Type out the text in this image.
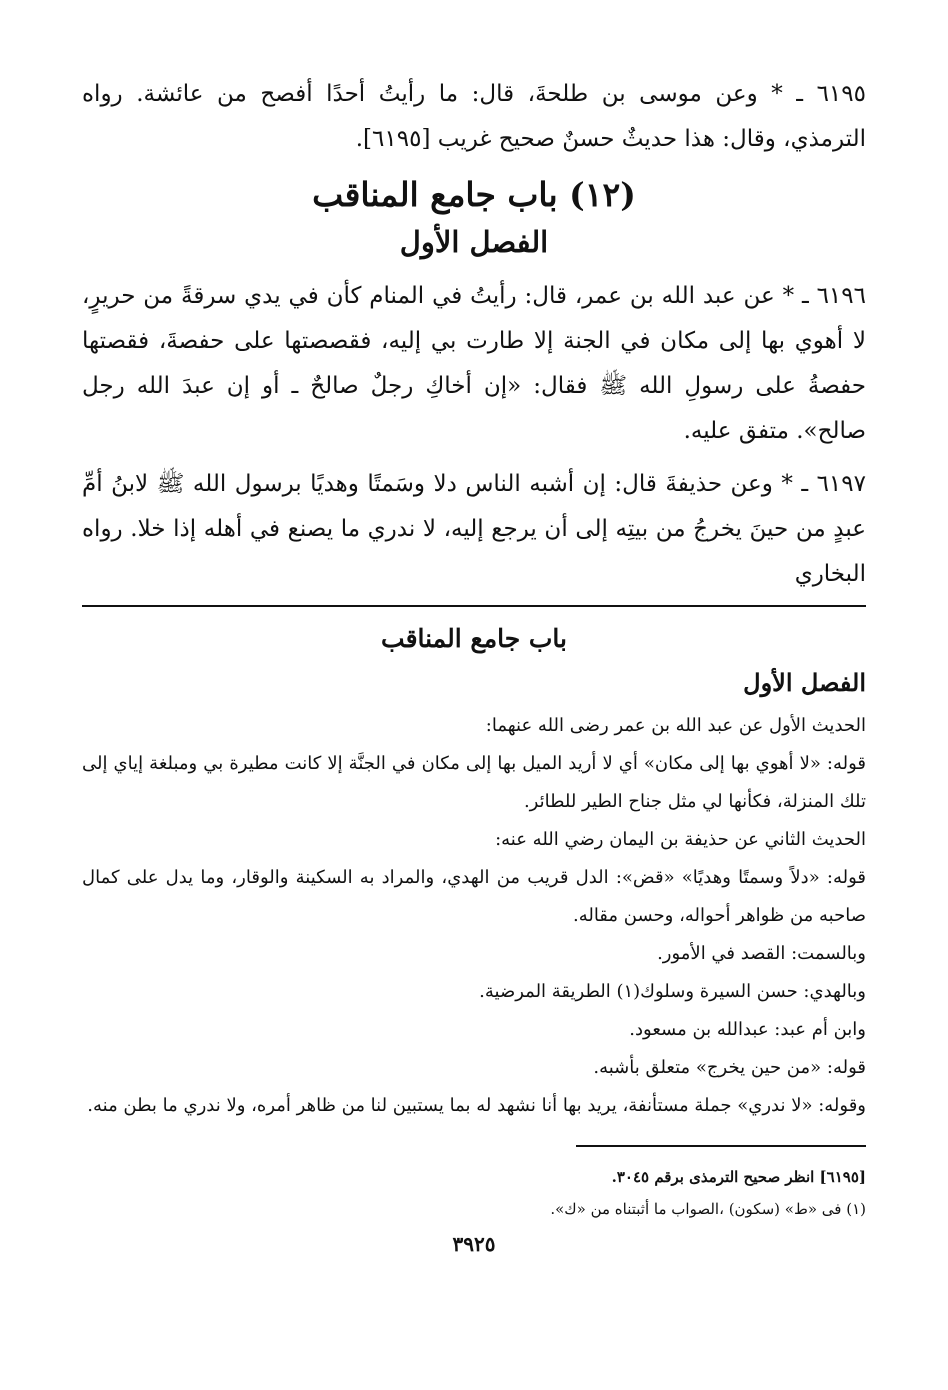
٦١٩٥ ـ * وعن موسى بن طلحةَ، قال: ما رأيتُ أحدًا أفصح من عائشة. رواه الترمذي، وقال: هذا حديثٌ حسنٌ صحيح غريب [٦١٩٥].

(١٢) باب جامع المناقب
الفصل الأول

٦١٩٦ ـ * عن عبد الله بن عمر، قال: رأيتُ في المنام كأن في يدي سرقةً من حريرٍ، لا أهوي بها إلى مكان في الجنة إلا طارت بي إليه، فقصصتها على حفصةَ، فقصتها حفصةُ على رسولِ الله ﷺ فقال: «إن أخاكِ رجلٌ صالحٌ ـ أو إن عبدَ الله رجل صالح». متفق عليه.

٦١٩٧ ـ * وعن حذيفةَ قال: إن أشبه الناس دلا وسَمتًا وهديًا برسول الله ﷺ لابنُ أمِّ عبدٍ من حينَ يخرجُ من بيتِه إلى أن يرجع إليه، لا ندري ما يصنع في أهله إذا خلا. رواه البخاري

باب جامع المناقب
الفصل الأول

الحديث الأول عن عبد الله بن عمر رضى الله عنهما:

قوله: «لا أهوي بها إلى مكان» أي لا أريد الميل بها إلى مكان في الجنَّة إلا كانت مطيرة بي ومبلغة إياي إلى تلك المنزلة، فكأنها لي مثل جناح الطير للطائر.

الحديث الثاني عن حذيفة بن اليمان رضي الله عنه:

قوله: «دلاً وسمتًا وهديًا» «قض»: الدل قريب من الهدي، والمراد به السكينة والوقار، وما يدل على كمال صاحبه من ظواهر أحواله، وحسن مقاله.

وبالسمت: القصد في الأمور.

وبالهدي: حسن السيرة وسلوك(١) الطريقة المرضية.

وابن أم عبد: عبدالله بن مسعود.

قوله: «من حين يخرج» متعلق بأشبه.

وقوله: «لا ندري» جملة مستأنفة، يريد بها أنا نشهد له بما يستبين لنا من ظاهر أمره، ولا ندري ما بطن منه.

[٦١٩٥] انظر صحيح الترمذى برقم ٣٠٤٥.

(١) فى «ط» (سكون) ،الصواب ما أثبتناه من «ك».

٣٩٢٥
